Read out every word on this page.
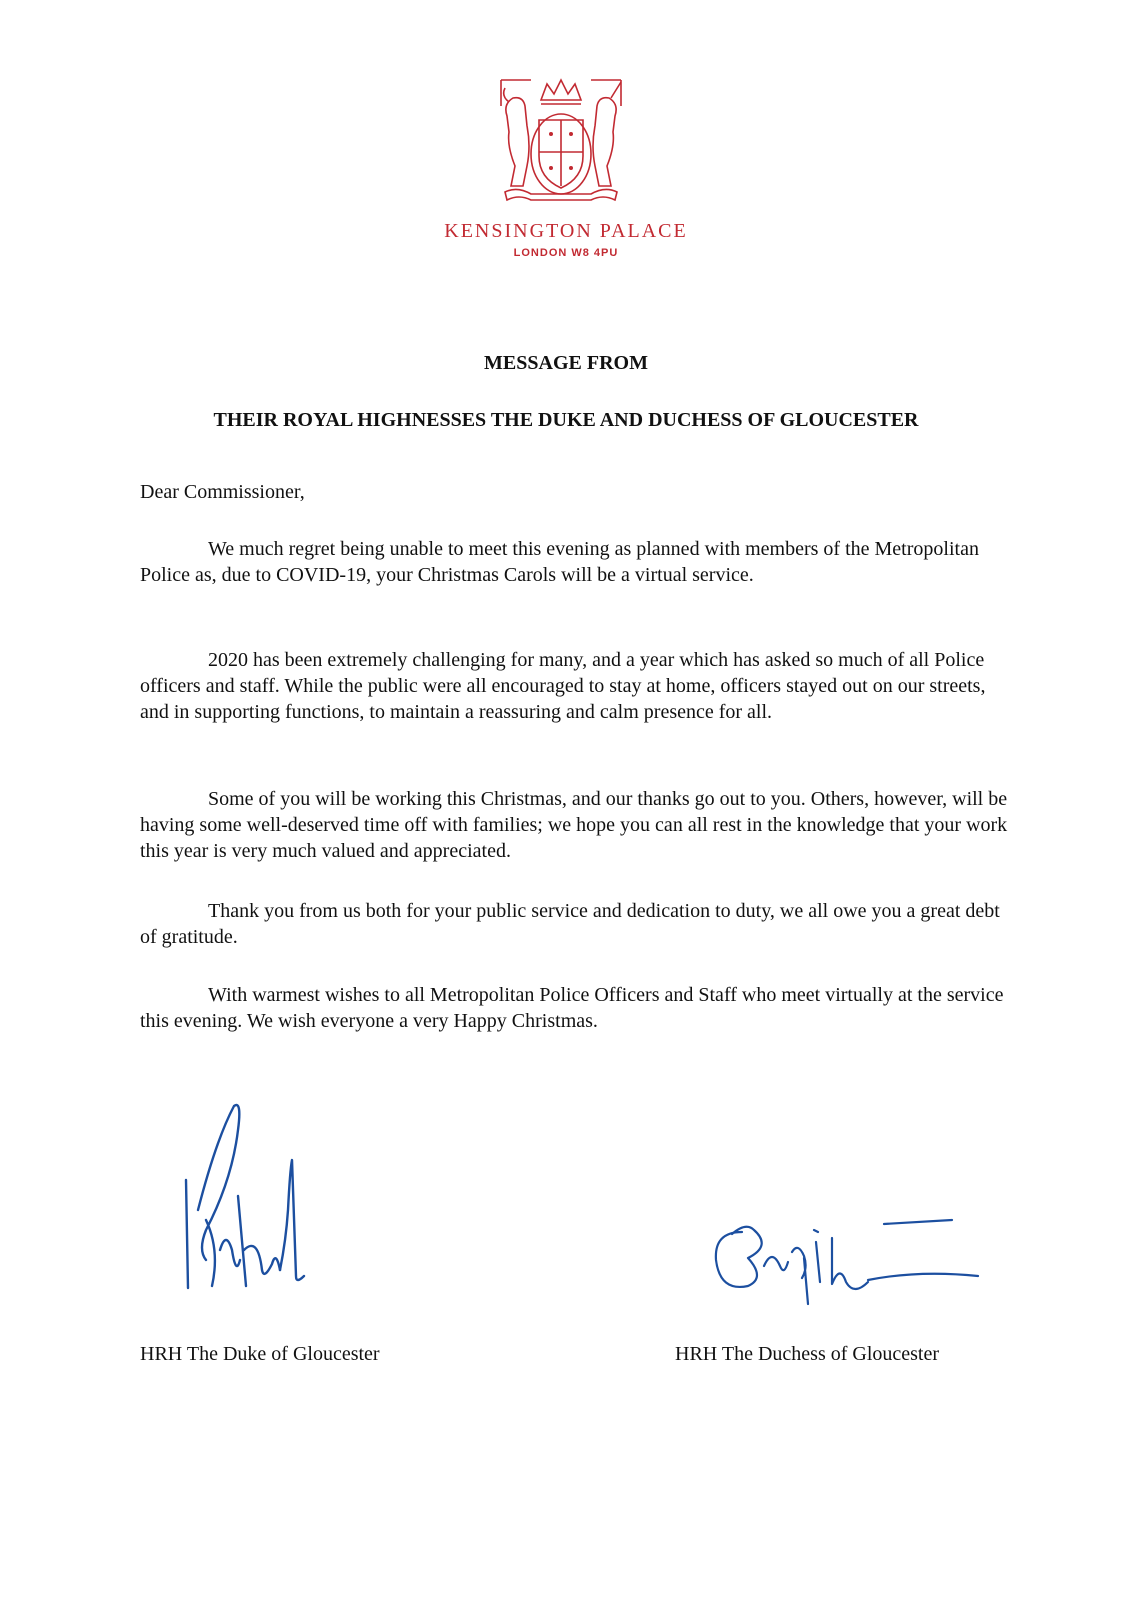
KENSINGTON PALACE
LONDON W8 4PU
MESSAGE FROM
THEIR ROYAL HIGHNESSES THE DUKE AND DUCHESS OF GLOUCESTER
Dear Commissioner,

We much regret being unable to meet this evening as planned with members of the Metropolitan Police as, due to COVID-19, your Christmas Carols will be a virtual service.

2020 has been extremely challenging for many, and a year which has asked so much of all Police officers and staff. While the public were all encouraged to stay at home, officers stayed out on our streets, and in supporting functions, to maintain a reassuring and calm presence for all.

Some of you will be working this Christmas, and our thanks go out to you. Others, however, will be having some well-deserved time off with families; we hope you can all rest in the knowledge that your work this year is very much valued and appreciated.

Thank you from us both for your public service and dedication to duty, we all owe you a great debt of gratitude.

With warmest wishes to all Metropolitan Police Officers and Staff who meet virtually at the service this evening. We wish everyone a very Happy Christmas.

HRH The Duke of Gloucester	HRH The Duchess of Gloucester
